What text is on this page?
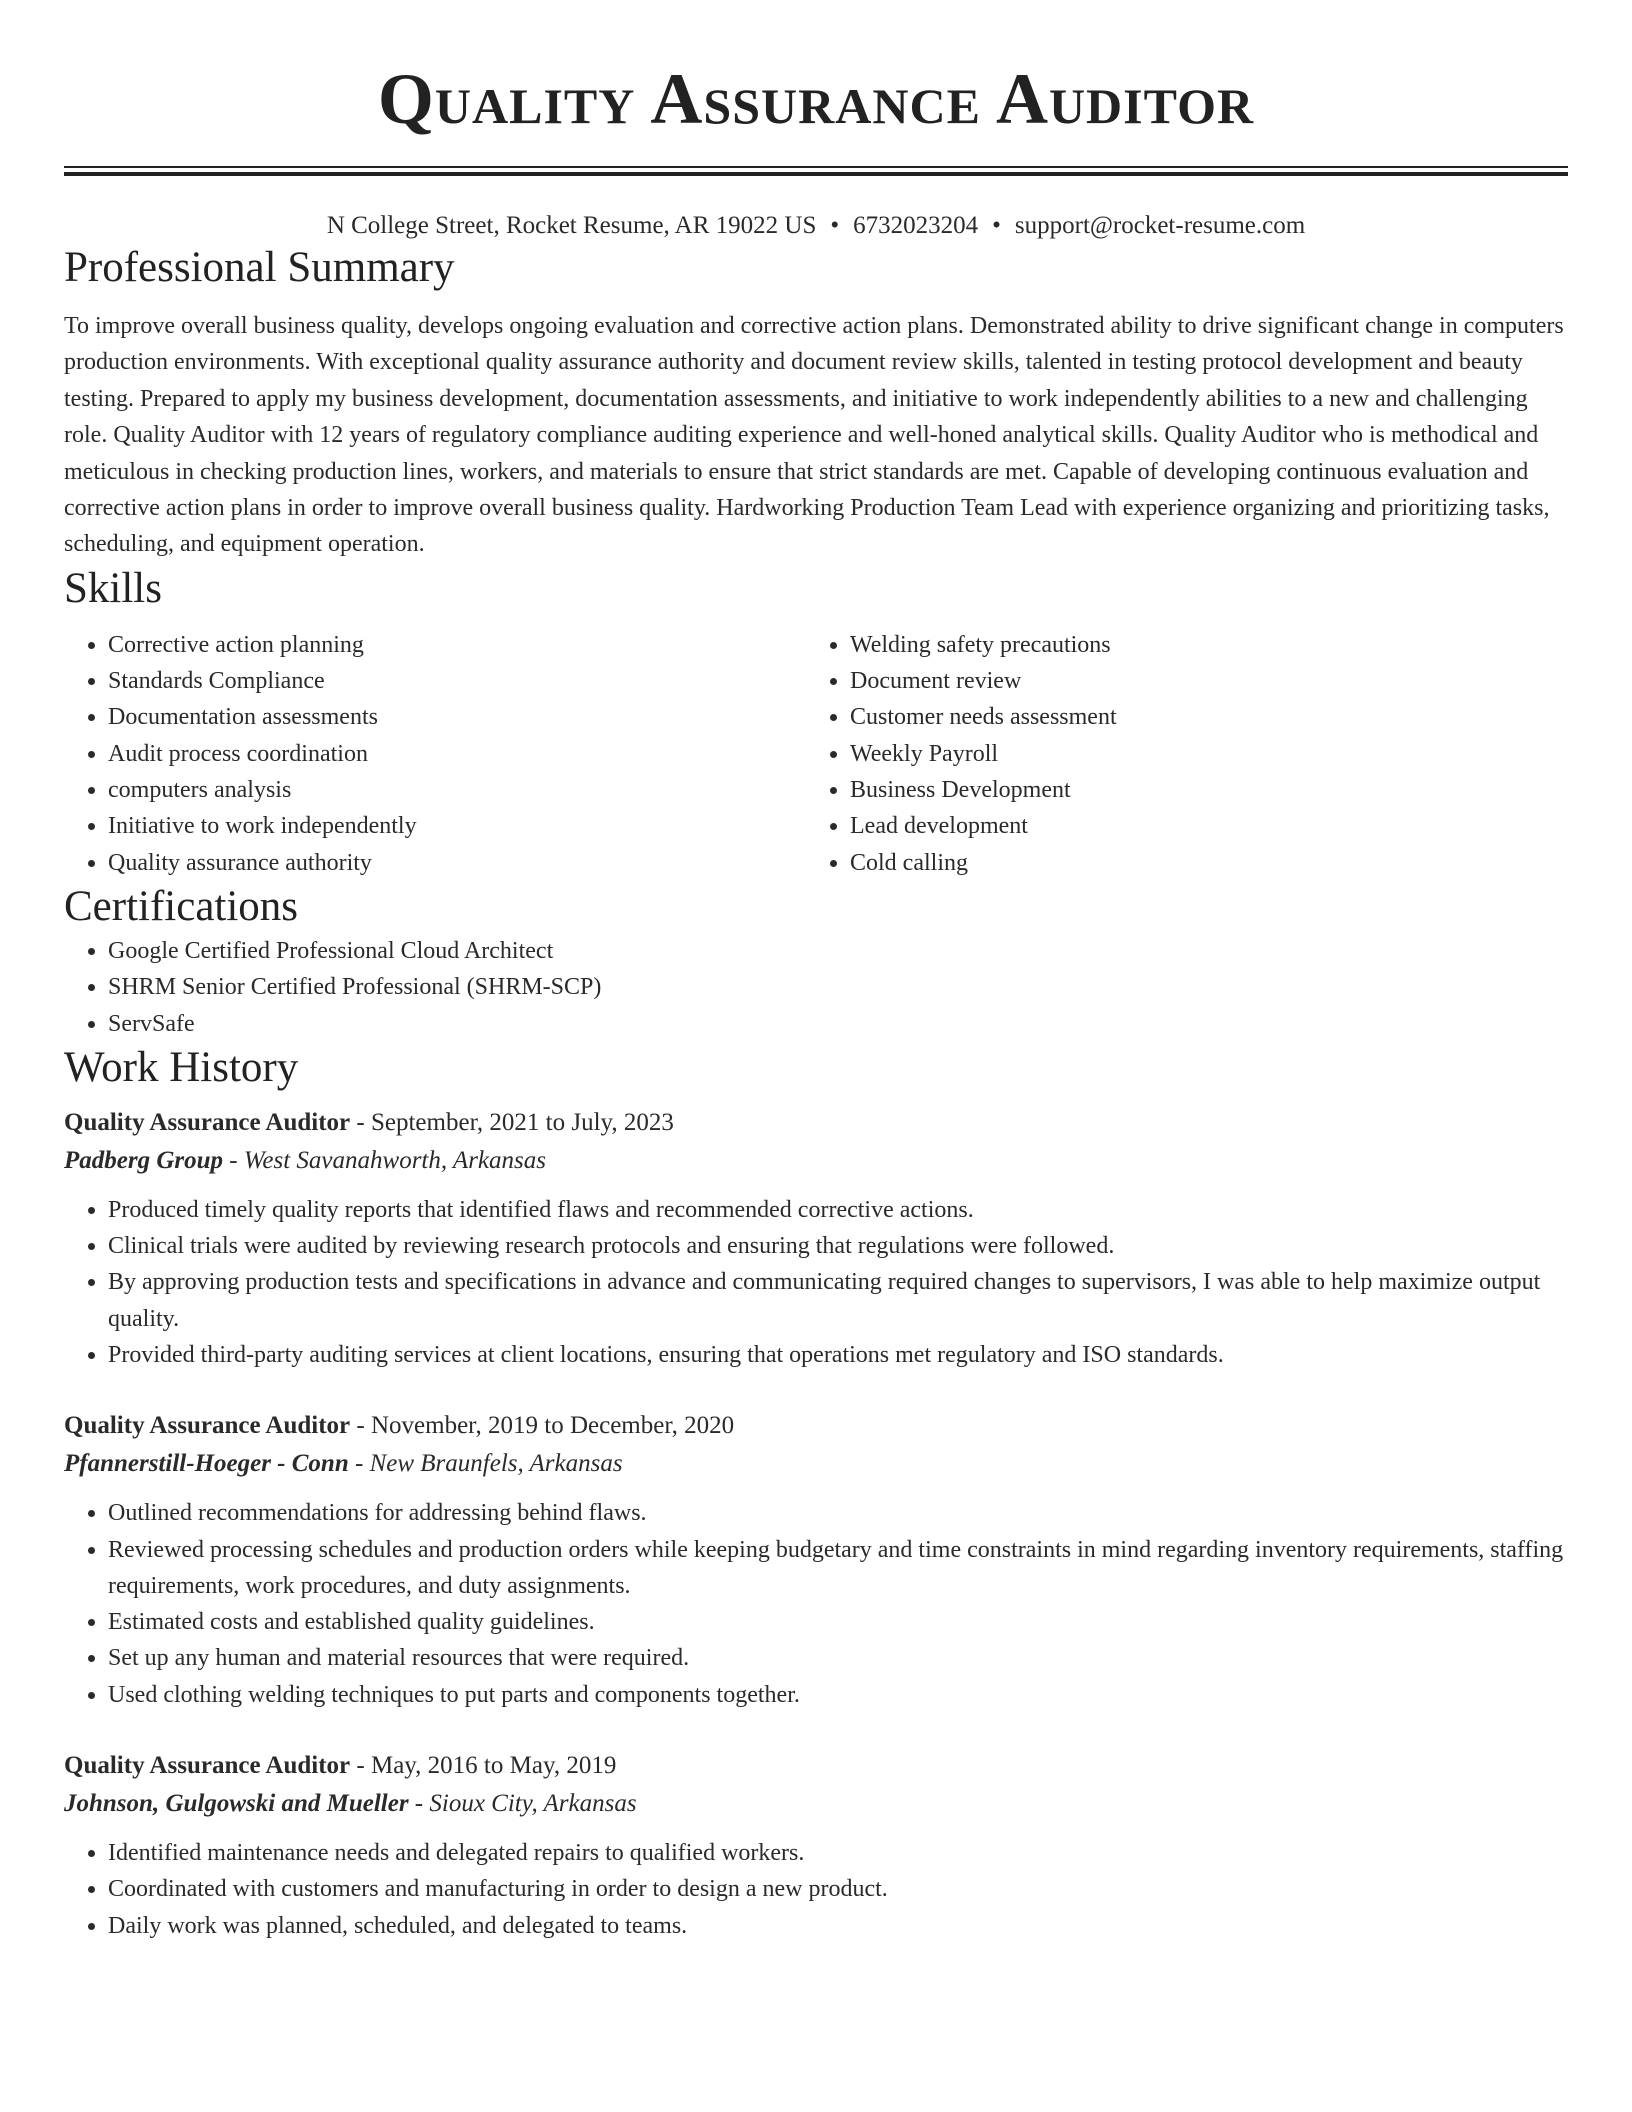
Quality Assurance Auditor
N College Street, Rocket Resume, AR 19022 US • 6732023204 • support@rocket-resume.com
Professional Summary

To improve overall business quality, develops ongoing evaluation and corrective action plans. Demonstrated ability to drive significant change in computers production environments. With exceptional quality assurance authority and document review skills, talented in testing protocol development and beauty testing. Prepared to apply my business development, documentation assessments, and initiative to work independently abilities to a new and challenging role. Quality Auditor with 12 years of regulatory compliance auditing experience and well-honed analytical skills. Quality Auditor who is methodical and meticulous in checking production lines, workers, and materials to ensure that strict standards are met. Capable of developing continuous evaluation and corrective action plans in order to improve overall business quality. Hardworking Production Team Lead with experience organizing and prioritizing tasks, scheduling, and equipment operation.

Skills
• Corrective action planning
• Standards Compliance
• Documentation assessments
• Audit process coordination
• computers analysis
• Initiative to work independently
• Quality assurance authority
• Welding safety precautions
• Document review
• Customer needs assessment
• Weekly Payroll
• Business Development
• Lead development
• Cold calling
Certifications
• Google Certified Professional Cloud Architect
• SHRM Senior Certified Professional (SHRM-SCP)
• ServSafe
Work History
Quality Assurance Auditor - September, 2021 to July, 2023
Padberg Group - West Savanahworth, Arkansas
• Produced timely quality reports that identified flaws and recommended corrective actions.
• Clinical trials were audited by reviewing research protocols and ensuring that regulations were followed.
• By approving production tests and specifications in advance and communicating required changes to supervisors, I was able to help maximize output quality.
• Provided third-party auditing services at client locations, ensuring that operations met regulatory and ISO standards.
Quality Assurance Auditor - November, 2019 to December, 2020
Pfannerstill-Hoeger - Conn - New Braunfels, Arkansas
• Outlined recommendations for addressing behind flaws.
• Reviewed processing schedules and production orders while keeping budgetary and time constraints in mind regarding inventory requirements, staffing requirements, work procedures, and duty assignments.
• Estimated costs and established quality guidelines.
• Set up any human and material resources that were required.
• Used clothing welding techniques to put parts and components together.
Quality Assurance Auditor - May, 2016 to May, 2019
Johnson, Gulgowski and Mueller - Sioux City, Arkansas
• Identified maintenance needs and delegated repairs to qualified workers.
• Coordinated with customers and manufacturing in order to design a new product.
• Daily work was planned, scheduled, and delegated to teams.
